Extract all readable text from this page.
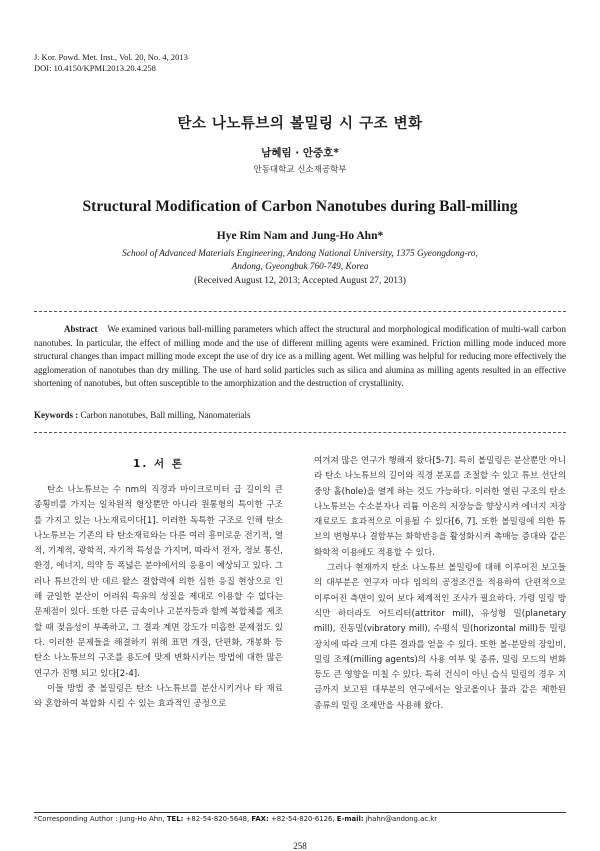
J. Kor. Powd. Met. Inst., Vol. 20, No. 4, 2013
DOI: 10.4150/KPMI.2013.20.4.258
탄소 나노튜브의 볼밀링 시 구조 변화
남혜림 · 안중호*
안동대학교 신소재공학부
Structural Modification of Carbon Nanotubes during Ball-milling
Hye Rim Nam and Jung-Ho Ahn*
School of Advanced Materials Engineering, Andong National University, 1375 Gyeongdong-ro,
Andong, Gyeongbuk 760-749, Korea
(Received August 12, 2013; Accepted August 27, 2013)
Abstract We examined various ball-milling parameters which affect the structural and morphological modification of multi-wall carbon nanotubes. In particular, the effect of milling mode and the use of different milling agents were examined. Friction milling mode induced more structural changes than impact milling mode except the use of dry ice as a milling agent. Wet milling was helpful for reducing more effectively the agglomeration of nanotubes than dry milling. The use of hard solid particles such as silica and alumina as milling agents resulted in an effective shortening of nanotubes, but often susceptible to the amorphization and the destruction of crystallinity.
Keywords : Carbon nanotubes, Ball milling, Nanomaterials
1. 서 론

탄소 나노튜브는 수 nm의 직경과 마이크로미터 급 길이의 큰 종횡비를 가지는 일차원적 형상뿐만 아니라 원통형의 특이한 구조를 가지고 있는 나노재료이다[1]. 이러한 독특한 구조로 인해 탄소 나노튜브는 기존의 타 탄소재료와는 다른 여러 흥미로운 전기적, 열적, 기계적, 광학적, 자기적 특성을 가지며, 따라서 전자, 정보 통신, 환경, 에너지, 의약 등 폭넓은 분야에서의 응용이 예상되고 있다. 그러나 튜브간의 반 데르 왈스 결합력에 의한 심한 응집 현상으로 인해 균일한 분산이 어려워 특유의 성질을 제대로 이용할 수 없다는 문제점이 있다. 또한 다른 금속이나 고분자등과 함께 복합체를 제조할 때 젖음성이 부족하고, 그 결과 계면 강도가 미흡한 문제점도 있다. 이러한 문제들을 해결하기 위해 표면 개질, 단편화, 개봉화 등 탄소 나노튜브의 구조를 용도에 맞게 변화시키는 방법에 대한 많은 연구가 진행 되고 있다[2-4].

이들 방법 중 볼밀링은 탄소 나노튜브를 분산시키거나 타 재료와 혼합하여 복합화 시킬 수 있는 효과적인 공정으로

여겨져 많은 연구가 행해져 왔다[5-7]. 특히 볼밀링은 분산뿐만 아니라 탄소 나노튜브의 길이와 직경 분포를 조절할 수 있고 튜브 선단의 중앙 홀(hole)을 열게 하는 것도 가능하다. 이러한 열린 구조의 탄소 나노튜브는 수소분자나 리튬 이온의 저장능을 향상시켜 에너지 저장재료로도 효과적으로 이용될 수 있다[6, 7]. 또한 볼밀링에 의한 튜브의 변형부나 결함부는 화학반응을 활성화시켜 촉매능 증대와 같은 화학적 이용에도 적용할 수 있다.

그러나 현재까지 탄소 나노튜브 볼밀링에 대해 이루어진 보고들의 대부분은 연구자 마다 임의의 공정조건을 적용하여 단편적으로 이루어진 측면이 있어 보다 체계적인 조사가 필요하다. 가령 밀링 방식만 하더라도 어트리터(attritor mill), 유성형 밀(planetary mill), 진동밀(vibratory mill), 수평식 밀(horizontal mill)등 밀링 장치에 따라 크게 다른 결과를 얻을 수 있다. 또한 볼-분말의 장입비, 밀링 조제(milling agents)의 사용 여부 및 종류, 밀링 모드의 변화 등도 큰 영향을 미칠 수 있다. 특히 건식이 아닌 습식 밀링의 경우 지금까지 보고된 대부분의 연구에서는 알코올이나 물과 같은 제한된 종류의 밀링 조제만을 사용해 왔다.

*Corresponding Author : Jung-Ho Ahn, TEL: +82-54-820-5648, FAX: +82-54-820-6126, E-mail: jhahn@andong.ac.kr
258
